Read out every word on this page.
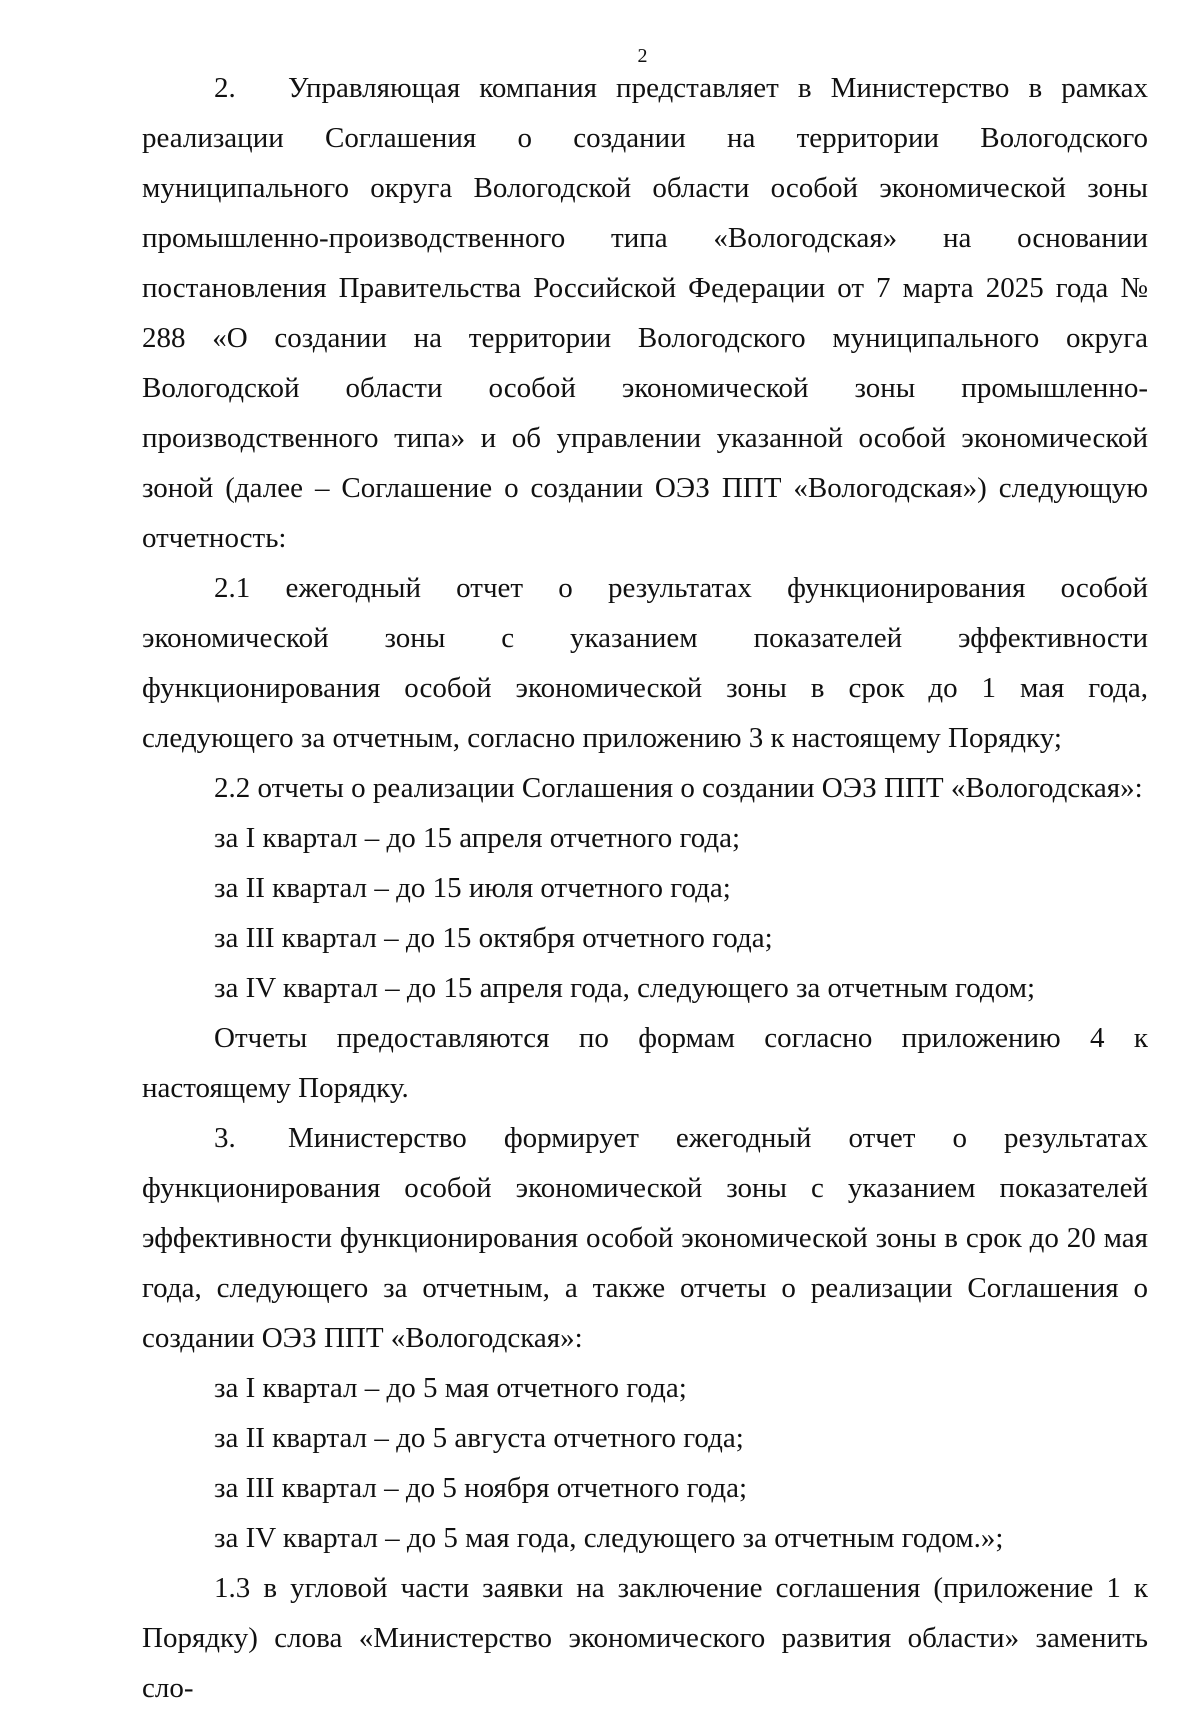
2

2. Управляющая компания представляет в Министерство в рамках реализации Соглашения о создании на территории Вологодского муниципального округа Вологодской области особой экономической зоны промышленно-производственного типа «Вологодская» на основании постановления Правительства Российской Федерации от 7 марта 2025 года № 288 «О создании на территории Вологодского муниципального округа Вологодской области особой экономической зоны промышленно-производственного типа» и об управлении указанной особой экономической зоной (далее – Соглашение о создании ОЭЗ ППТ «Вологодская») следующую отчетность:

2.1 ежегодный отчет о результатах функционирования особой экономической зоны с указанием показателей эффективности функционирования особой экономической зоны в срок до 1 мая года, следующего за отчетным, согласно приложению 3 к настоящему Порядку;

2.2 отчеты о реализации Соглашения о создании ОЭЗ ППТ «Вологодская»:

за I квартал – до 15 апреля отчетного года;

за II квартал – до 15 июля отчетного года;

за III квартал – до 15 октября отчетного года;

за IV квартал – до 15 апреля года, следующего за отчетным годом;

Отчеты предоставляются по формам согласно приложению 4 к настоящему Порядку.

3. Министерство формирует ежегодный отчет о результатах функционирования особой экономической зоны с указанием показателей эффективности функционирования особой экономической зоны в срок до 20 мая года, следующего за отчетным, а также отчеты о реализации Соглашения о создании ОЭЗ ППТ «Вологодская»:

за I квартал – до 5 мая отчетного года;

за II квартал – до 5 августа отчетного года;

за III квартал – до 5 ноября отчетного года;

за IV квартал – до 5 мая года, следующего за отчетным годом.»;

1.3 в угловой части заявки на заключение соглашения (приложение 1 к Порядку) слова «Министерство экономического развития области» заменить сло-
